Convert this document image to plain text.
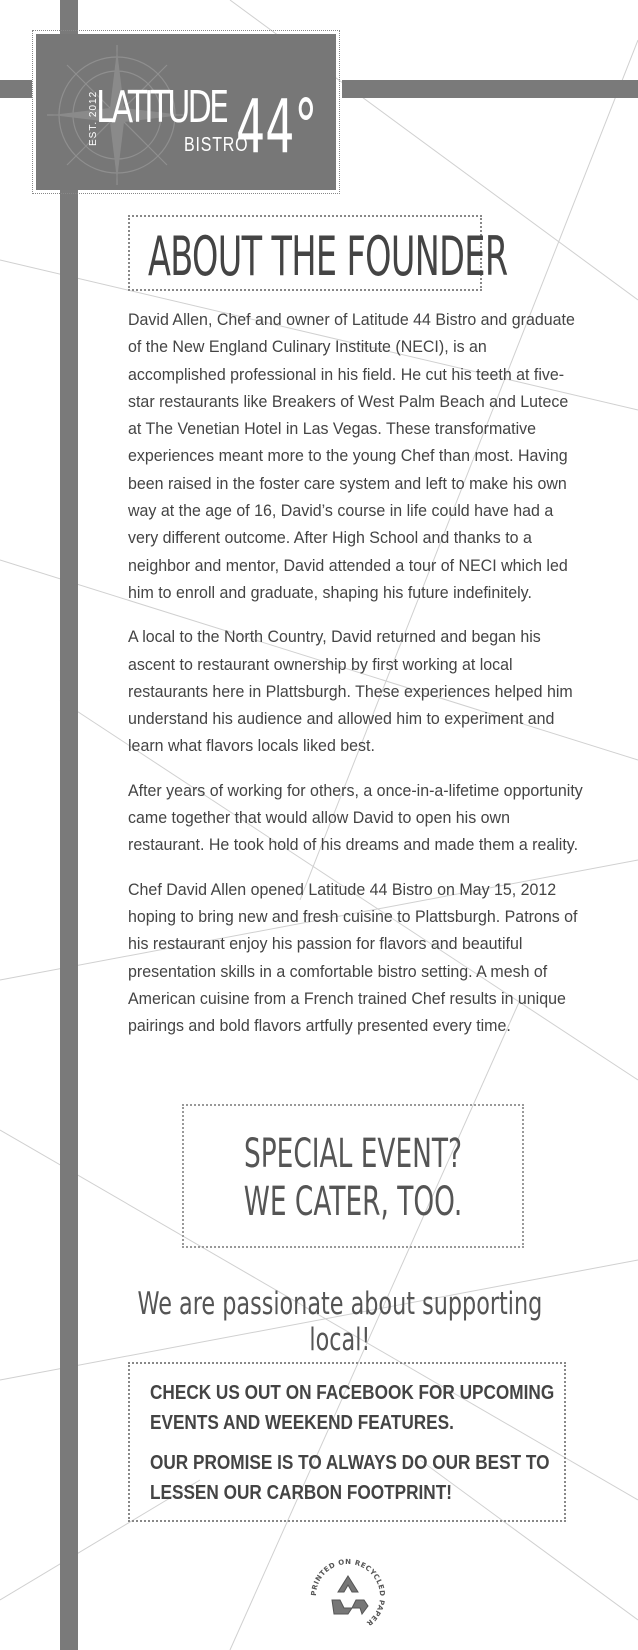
EST. 2012
LATITUDE
BISTRO
44°
ABOUT THE FOUNDER

David Allen, Chef and owner of Latitude 44 Bistro and graduate of the New England Culinary Institute (NECI), is an accomplished professional in his field. He cut his teeth at five-star restaurants like Breakers of West Palm Beach and Lutece at The Venetian Hotel in Las Vegas. These transformative experiences meant more to the young Chef than most. Having been raised in the foster care system and left to make his own way at the age of 16, David’s course in life could have had a very different outcome. After High School and thanks to a neighbor and mentor, David attended a tour of NECI which led him to enroll and graduate, shaping his future indefinitely.

A local to the North Country, David returned and began his ascent to restaurant ownership by first working at local restaurants here in Plattsburgh. These experiences helped him understand his audience and allowed him to experiment and learn what flavors locals liked best.

After years of working for others, a once-in-a-lifetime opportunity came together that would allow David to open his own restaurant. He took hold of his dreams and made them a reality.

Chef David Allen opened Latitude 44 Bistro on May 15, 2012 hoping to bring new and fresh cuisine to Plattsburgh. Patrons of his restaurant enjoy his passion for flavors and beautiful presentation skills in a comfortable bistro setting. A mesh of American cuisine from a French trained Chef results in unique pairings and bold flavors artfully presented every time.

SPECIAL EVENT?
WE CATER, TOO.
We are passionate about supporting local!

CHECK US OUT ON FACEBOOK FOR UPCOMING EVENTS AND WEEKEND FEATURES.

OUR PROMISE IS TO ALWAYS DO OUR BEST TO LESSEN OUR CARBON FOOTPRINT!

PRINTED ON RECYCLED PAPER
